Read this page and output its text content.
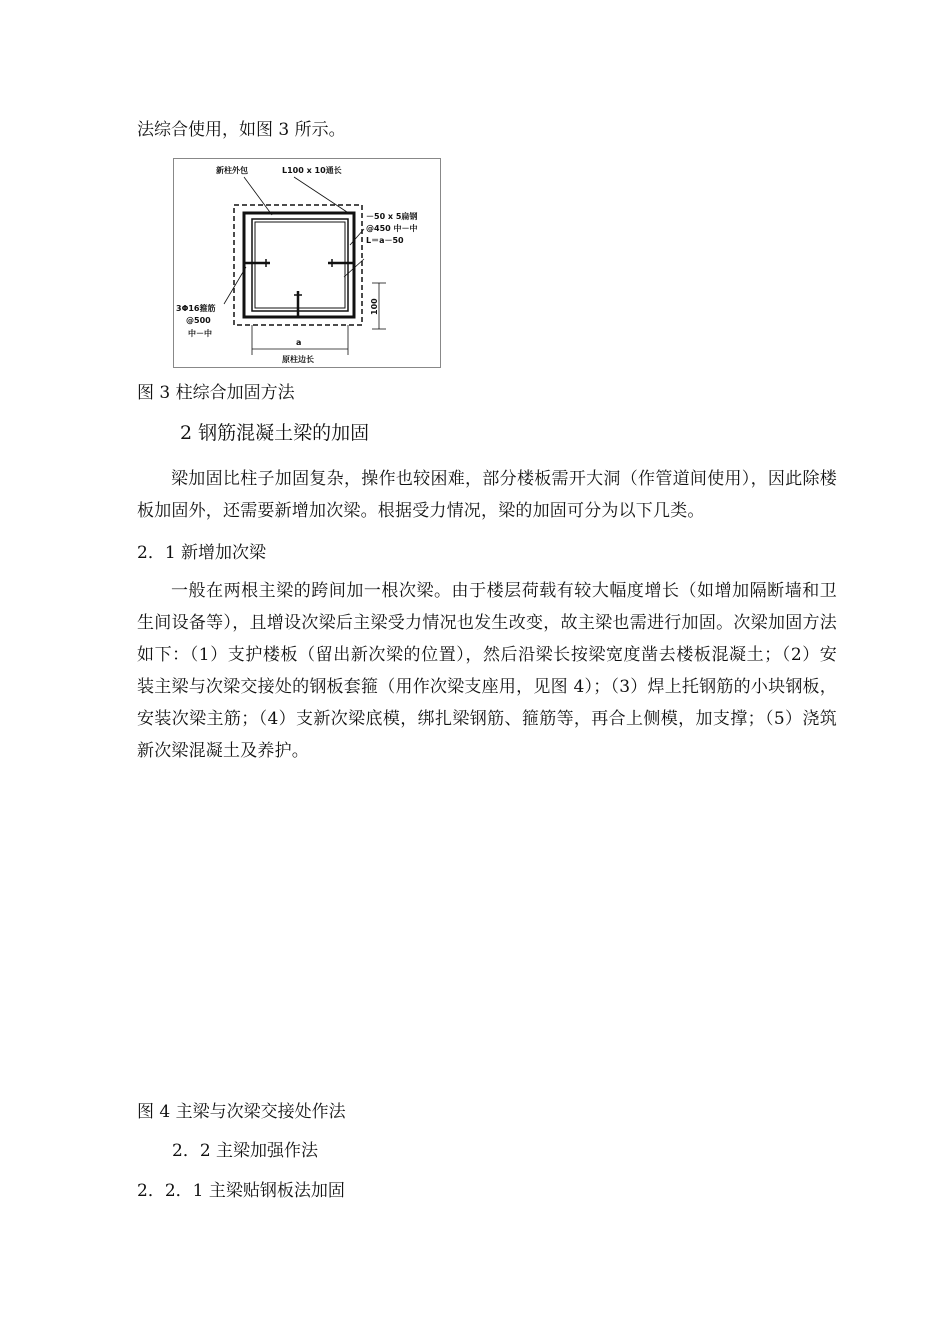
法综合使用，如图 3 所示。
新柱外包	L100 x 10通长
－50 x 5扁钢
@450 中－中
L＝a－50
3Φ16箍筋
@500
中－中
100
a
原柱边长
图 3 柱综合加固方法
2 钢筋混凝土梁的加固
梁加固比柱子加固复杂，操作也较困难，部分楼板需开大洞（作管道间使用），因此除楼板加固外，还需要新增加次梁。根据受力情况，梁的加固可分为以下几类。
2．1 新增加次梁
一般在两根主梁的跨间加一根次梁。由于楼层荷载有较大幅度增长（如增加隔断墙和卫生间设备等），且增设次梁后主梁受力情况也发生改变，故主梁也需进行加固。次梁加固方法如下：（1）支护楼板（留出新次梁的位置），然后沿梁长按梁宽度凿去楼板混凝土；（2）安装主梁与次梁交接处的钢板套箍（用作次梁支座用，见图 4）；（3）焊上托钢筋的小块钢板，安装次梁主筋；（4）支新次梁底模，绑扎梁钢筋、箍筋等，再合上侧模，加支撑；（5）浇筑新次梁混凝土及养护。
图 4 主梁与次梁交接处作法
2．2 主梁加强作法
2．2．1 主梁贴钢板法加固
